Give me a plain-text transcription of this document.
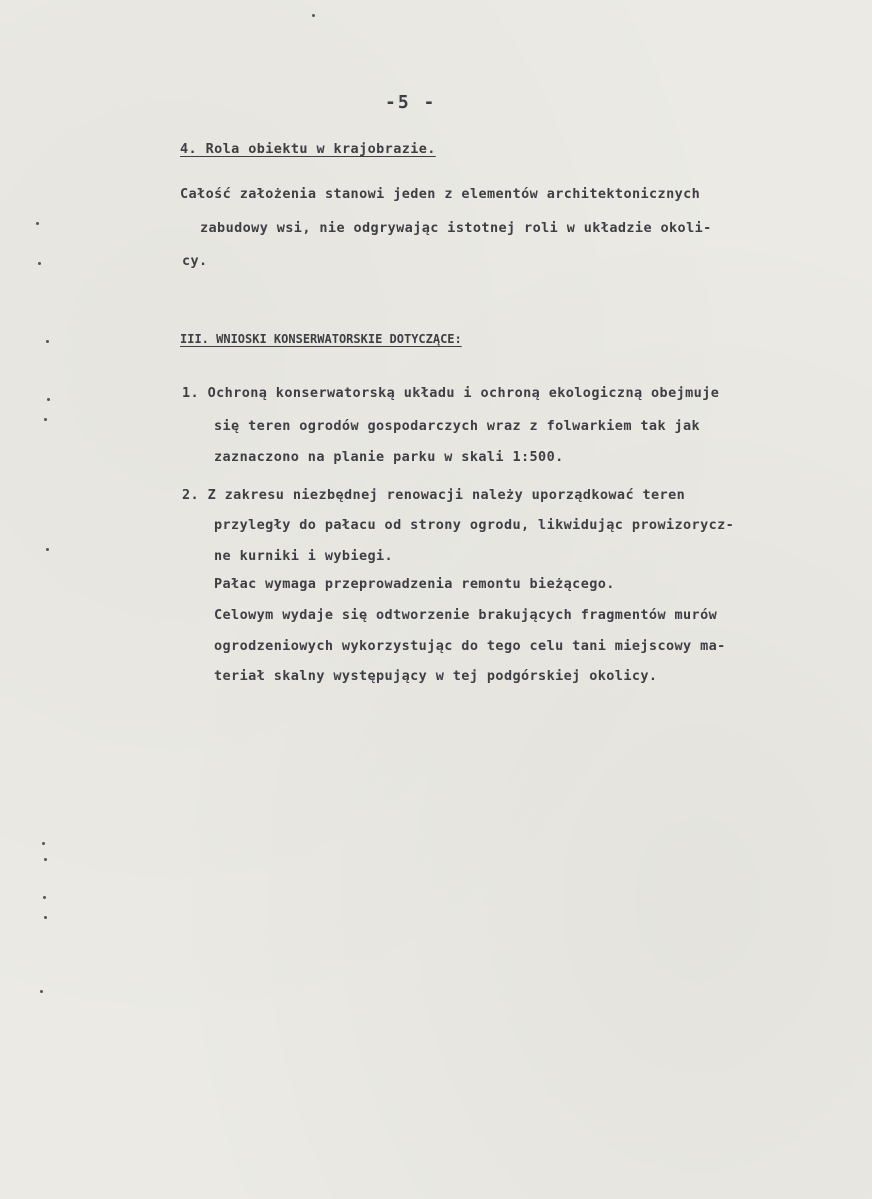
-5 -
4. Rola obiektu w krajobrazie.
Całość założenia stanowi jeden z elementów architektonicznych
zabudowy wsi, nie odgrywając istotnej roli w układzie okoli-
cy.
III. WNIOSKI KONSERWATORSKIE DOTYCZĄCE:
1. Ochroną konserwatorską układu i ochroną ekologiczną obejmuje
się teren ogrodów gospodarczych wraz z folwarkiem tak jak
zaznaczono na planie parku w skali 1:500.
2. Z zakresu niezbędnej renowacji należy uporządkować teren
przyległy do pałacu od strony ogrodu, likwidując prowizorycz-
ne kurniki i wybiegi.
Pałac wymaga przeprowadzenia remontu bieżącego.
Celowym wydaje się odtworzenie brakujących fragmentów murów
ogrodzeniowych wykorzystując do tego celu tani miejscowy ma-
teriał skalny występujący w tej podgórskiej okolicy.
